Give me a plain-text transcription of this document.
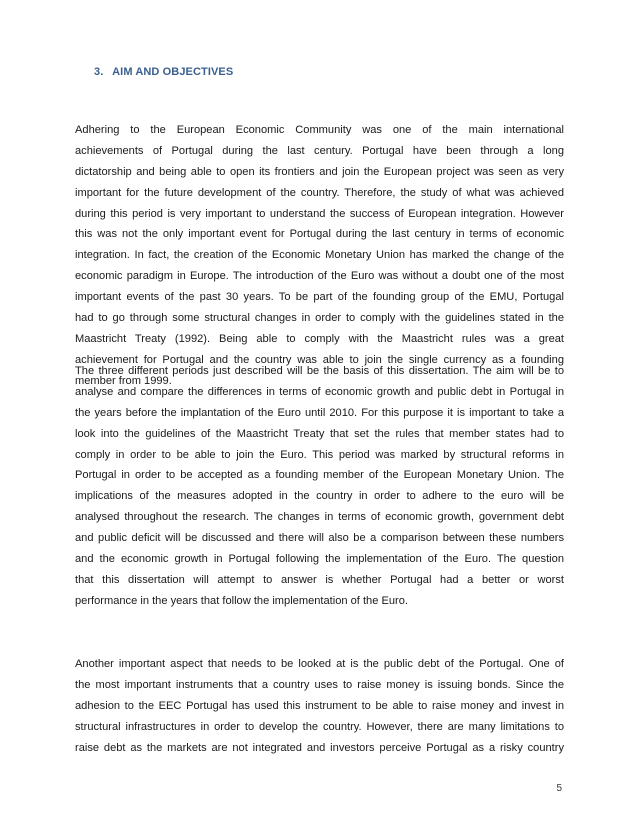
3. AIM AND OBJECTIVES
Adhering to the European Economic Community was one of the main international
achievements of Portugal during the last century. Portugal have been through a long
dictatorship and being able to open its frontiers and join the European project was seen as very
important for the future development of the country. Therefore, the study of what was achieved
during this period is very important to understand the success of European integration. However
this was not the only important event for Portugal during the last century in terms of economic
integration. In fact, the creation of the Economic Monetary Union has marked the change of the
economic paradigm in Europe. The introduction of the Euro was without a doubt one of the most
important events of the past 30 years. To be part of the founding group of the EMU, Portugal
had to go through some structural changes in order to comply with the guidelines stated in the
Maastricht Treaty (1992). Being able to comply with the Maastricht rules was a great
achievement for Portugal and the country was able to join the single currency as a founding
member from 1999.
The three different periods just described will be the basis of this dissertation. The aim will be to
analyse and compare the differences in terms of economic growth and public debt in Portugal in
the years before the implantation of the Euro until 2010. For this purpose it is important to take a
look into the guidelines of the Maastricht Treaty that set the rules that member states had to
comply in order to be able to join the Euro. This period was marked by structural reforms in
Portugal in order to be accepted as a founding member of the European Monetary Union. The
implications of the measures adopted in the country in order to adhere to the euro will be
analysed throughout the research. The changes in terms of economic growth, government debt
and public deficit will be discussed and there will also be a comparison between these numbers
and the economic growth in Portugal following the implementation of the Euro. The question
that this dissertation will attempt to answer is whether Portugal had a better or worst
performance in the years that follow the implementation of the Euro.
Another important aspect that needs to be looked at is the public debt of the Portugal. One of
the most important instruments that a country uses to raise money is issuing bonds. Since the
adhesion to the EEC Portugal has used this instrument to be able to raise money and invest in
structural infrastructures in order to develop the country. However, there are many limitations to
raise debt as the markets are not integrated and investors perceive Portugal as a risky country
5
